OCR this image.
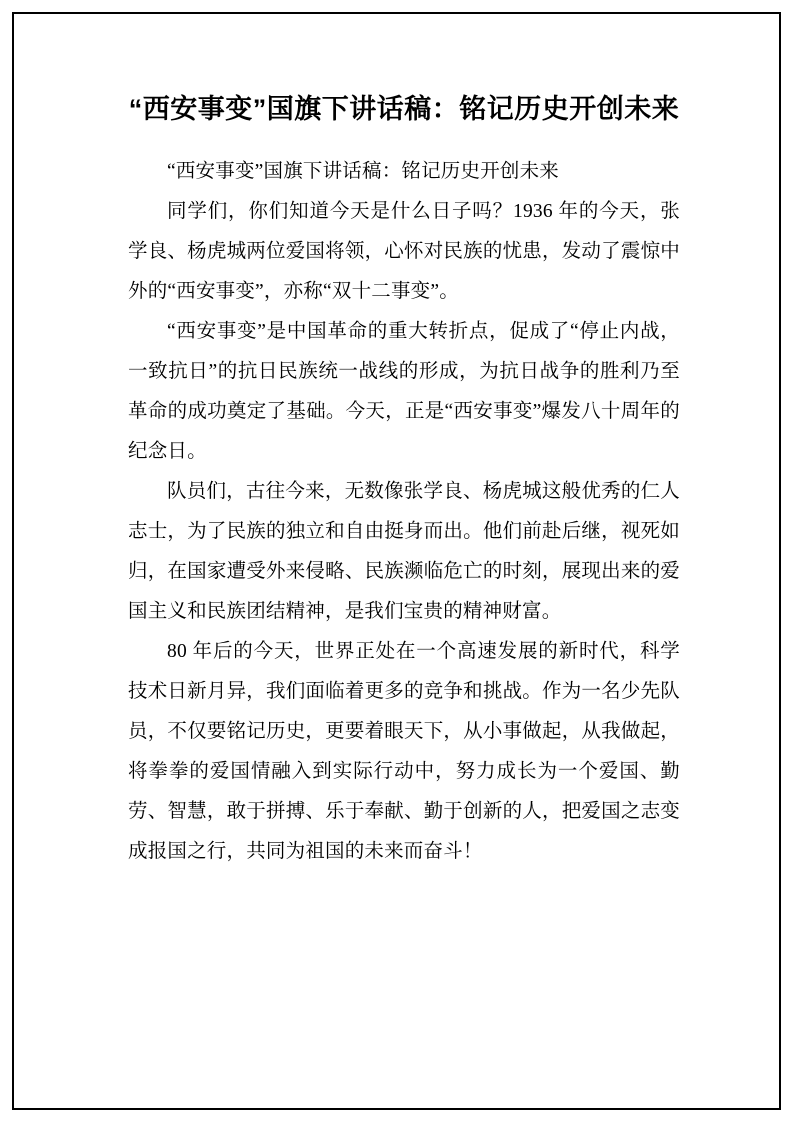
“西安事变”国旗下讲话稿：铭记历史开创未来

“西安事变”国旗下讲话稿：铭记历史开创未来

同学们，你们知道今天是什么日子吗？1936 年的今天，张学良、杨虎城两位爱国将领，心怀对民族的忧患，发动了震惊中外的“西安事变”，亦称“双十二事变”。

“西安事变”是中国革命的重大转折点，促成了“停止内战，一致抗日”的抗日民族统一战线的形成，为抗日战争的胜利乃至革命的成功奠定了基础。今天，正是“西安事变”爆发八十周年的纪念日。

队员们，古往今来，无数像张学良、杨虎城这般优秀的仁人志士，为了民族的独立和自由挺身而出。他们前赴后继，视死如归，在国家遭受外来侵略、民族濒临危亡的时刻，展现出来的爱国主义和民族团结精神，是我们宝贵的精神财富。

80 年后的今天，世界正处在一个高速发展的新时代，科学技术日新月异，我们面临着更多的竞争和挑战。作为一名少先队员，不仅要铭记历史，更要着眼天下，从小事做起，从我做起，将拳拳的爱国情融入到实际行动中，努力成长为一个爱国、勤劳、智慧，敢于拼搏、乐于奉献、勤于创新的人，把爱国之志变成报国之行，共同为祖国的未来而奋斗！
